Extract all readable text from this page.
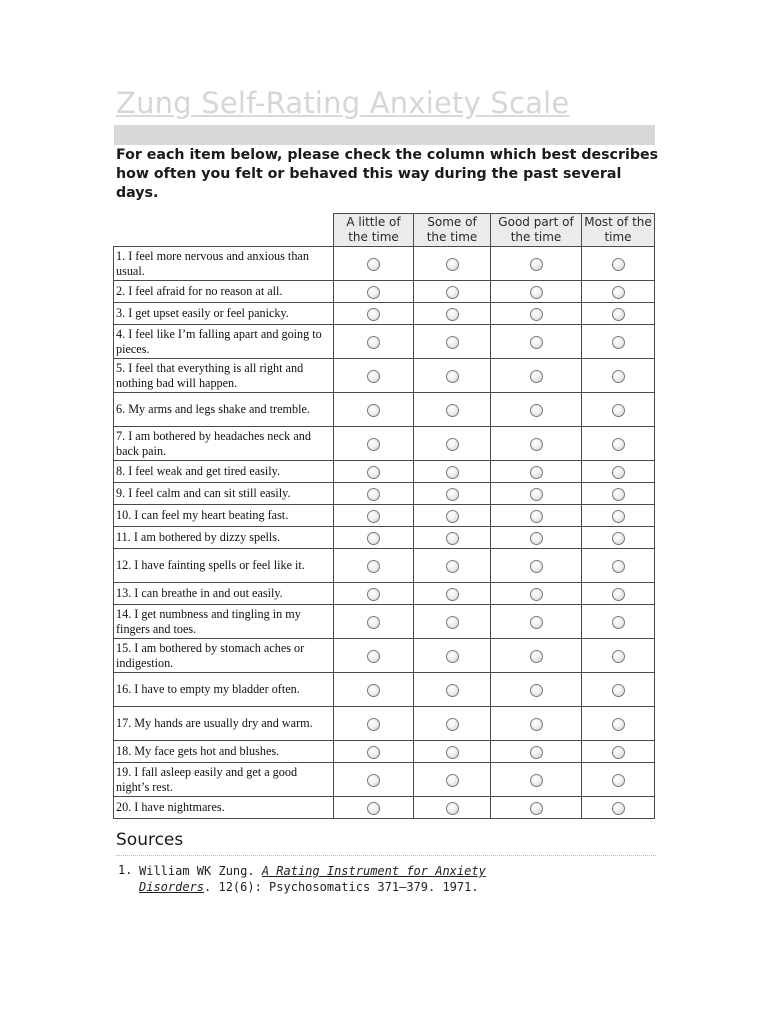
Zung Self-Rating Anxiety Scale
For each item below, please check the column which best describes how often you felt or behaved this way during the past several days.
	A little of the time	Some of the time	Good part of the time	Most of the time
1. I feel more nervous and anxious than usual.				
2. I feel afraid for no reason at all.				
3. I get upset easily or feel panicky.				
4. I feel like I’m falling apart and going to pieces.				
5. I feel that everything is all right and nothing bad will happen.				
6. My arms and legs shake and tremble.				
7. I am bothered by headaches neck and back pain.				
8. I feel weak and get tired easily.				
9. I feel calm and can sit still easily.				
10. I can feel my heart beating fast.				
11. I am bothered by dizzy spells.				
12. I have fainting spells or feel like it.				
13. I can breathe in and out easily.				
14. I get numbness and tingling in my fingers and toes.				
15. I am bothered by stomach aches or indigestion.				
16. I have to empty my bladder often.				
17. My hands are usually dry and warm.				
18. My face gets hot and blushes.				
19. I fall asleep easily and get a good night’s rest.				
20. I have nightmares.				
Sources
1. William WK Zung. A Rating Instrument for Anxiety Disorders. 12(6): Psychosomatics 371–379. 1971.
